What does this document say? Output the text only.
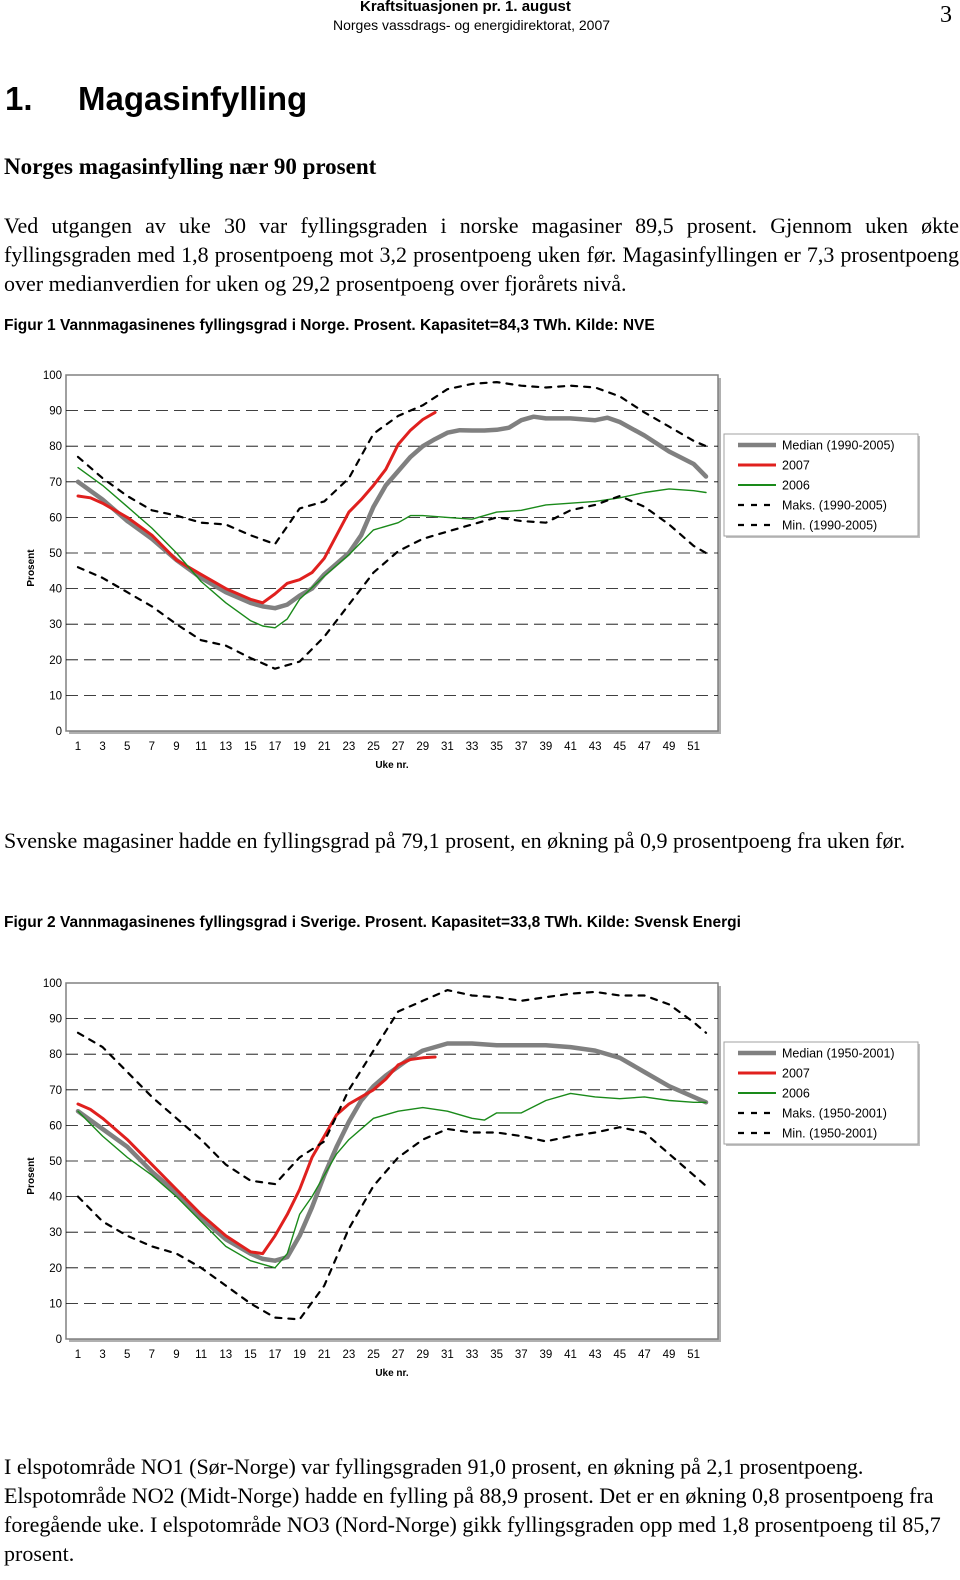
Kraftsituasjonen pr. 1. august
Norges vassdrags- og energidirektorat, 2007	3
1. Magasinfylling
Norges magasinfylling nær 90 prosent
Ved utgangen av uke 30 var fyllingsgraden i norske magasiner 89,5 prosent. Gjennom uken økte fyllingsgraden med 1,8 prosentpoeng mot 3,2 prosentpoeng uken før. Magasinfyllingen er 7,3 prosentpoeng over medianverdien for uken og 29,2 prosentpoeng over fjorårets nivå.
Figur 1 Vannmagasinenes fyllingsgrad i Norge. Prosent. Kapasitet=84,3 TWh. Kilde: NVE
0
10
20
30
40
50
60
70
80
90
100
1 3 5 7 9 11 13 15 17 19 21 23 25 27 29 31 33 35 37 39 41 43 45 47 49 51
Uke nr.
Prosent
Median (1990-2005)
2007
2006
Maks. (1990-2005)
Min. (1990-2005)
Svenske magasiner hadde en fyllingsgrad på 79,1 prosent, en økning på 0,9 prosentpoeng fra uken før.
Figur 2 Vannmagasinenes fyllingsgrad i Sverige. Prosent. Kapasitet=33,8 TWh. Kilde: Svensk Energi
0
10
20
30
40
50
60
70
80
90
100
1 3 5 7 9 11 13 15 17 19 21 23 25 27 29 31 33 35 37 39 41 43 45 47 49 51
Uke nr.
Prosent
Median (1950-2001)
2007
2006
Maks. (1950-2001)
Min. (1950-2001)
I elspotområde NO1 (Sør-Norge) var fyllingsgraden 91,0 prosent, en økning på 2,1 prosentpoeng. Elspotområde NO2 (Midt-Norge) hadde en fylling på 88,9 prosent. Det er en økning 0,8 prosentpoeng fra foregående uke. I elspotområde NO3 (Nord-Norge) gikk fyllingsgraden opp med 1,8 prosentpoeng til 85,7 prosent.
